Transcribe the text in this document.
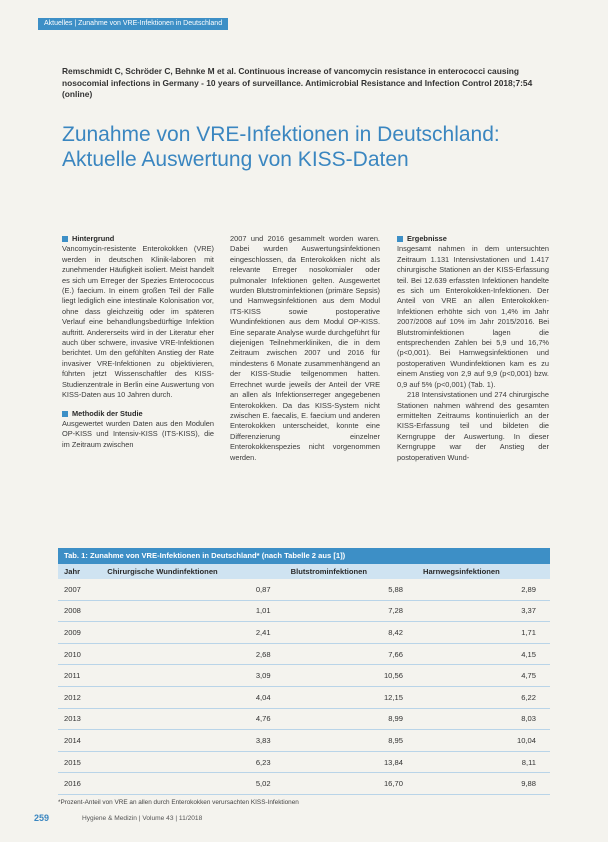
Aktuelles | Zunahme von VRE-Infektionen in Deutschland
Remschmidt C, Schröder C, Behnke M et al. Continuous increase of vancomycin resistance in enterococci causing nosocomial infections in Germany - 10 years of surveillance. Antimicrobial Resistance and Infection Control 2018;7:54 (online)
Zunahme von VRE-Infektionen in Deutschland:
Aktuelle Auswertung von KISS-Daten

Hintergrund

Vancomycin-resistente Enterokokken (VRE) werden in deutschen Klinik-laboren mit zunehmender Häufigkeit isoliert. Meist handelt es sich um Erreger der Spezies Enterococcus (E.) faecium. In einem großen Teil der Fälle liegt lediglich eine intestinale Kolonisation vor, ohne dass gleichzeitig oder im späteren Verlauf eine behandlungsbedürftige Infektion auftritt. Andererseits wird in der Literatur eher auch über schwere, invasive VRE-Infektionen berichtet. Um den gefühlten Anstieg der Rate invasiver VRE-Infektionen zu objektivieren, führten jetzt Wissenschaftler des KISS-Studienzentrale in Berlin eine Auswertung von KISS-Daten aus 10 Jahren durch.

Methodik der Studie

Ausgewertet wurden Daten aus den Modulen OP-KISS und Intensiv-KISS (ITS-KISS), die im Zeitraum zwischen

2007 und 2016 gesammelt worden waren. Dabei wurden Auswertungsinfektionen eingeschlossen, da Enterokokken nicht als relevante Erreger nosokomialer oder pulmonaler Infektionen gelten. Ausgewertet wurden Blutstrominfektionen (primäre Sepsis) und Harnwegsinfektionen aus dem Modul ITS-KISS sowie postoperative Wundinfektionen aus dem Modul OP-KISS. Eine separate Analyse wurde durchgeführt für diejenigen Teilnehmerkliniken, die in dem Zeitraum zwischen 2007 und 2016 für mindestens 6 Monate zusammenhängend an der KISS-Studie teilgenommen hatten. Errechnet wurde jeweils der Anteil der VRE an allen als Infektionserreger angegebenen Enterokokken. Da das KISS-System nicht zwischen E. faecalis, E. faecium und anderen Enterokokken unterscheidet, konnte eine Differenzierung einzelner Enterokokkenspezies nicht vorgenommen werden.

Ergebnisse

Insgesamt nahmen in dem untersuchten Zeitraum 1.131 Intensivstationen und 1.417 chirurgische Stationen an der KISS-Erfassung teil. Bei 12.639 erfassten Infektionen handelte es sich um Enterokokken-Infektionen. Der Anteil von VRE an allen Enterokokken-Infektionen erhöhte sich von 1,4% im Jahr 2007/2008 auf 10% im Jahr 2015/2016. Bei Blutstrominfektionen lagen die entsprechenden Zahlen bei 5,9 und 16,7% (p<0,001). Bei Harnwegsinfektionen und postoperativen Wundinfektionen kam es zu einem Anstieg von 2,9 auf 9,9 (p<0,001) bzw. 0,9 auf 5% (p<0,001) (Tab. 1).

218 Intensivstationen und 274 chirurgische Stationen nahmen während des gesamten ermittelten Zeitraums kontinuierlich an der KISS-Erfassung teil und bildeten die Kerngruppe der Auswertung. In dieser Kerngruppe war der Anstieg der postoperativen Wund-

Tab. 1: Zunahme von VRE-Infektionen in Deutschland* (nach Tabelle 2 aus [1])
Jahr	Chirurgische Wundinfektionen	Blutstrominfektionen	Harnwegsinfektionen
2007	0,87	5,88	2,89
2008	1,01	7,28	3,37
2009	2,41	8,42	1,71
2010	2,68	7,66	4,15
2011	3,09	10,56	4,75
2012	4,04	12,15	6,22
2013	4,76	8,99	8,03
2014	3,83	8,95	10,04
2015	6,23	13,84	8,11
2016	5,02	16,70	9,88
*Prozent-Anteil von VRE an allen durch Enterokokken verursachten KISS-Infektionen
259	Hygiene & Medizin | Volume 43 | 11/2018
